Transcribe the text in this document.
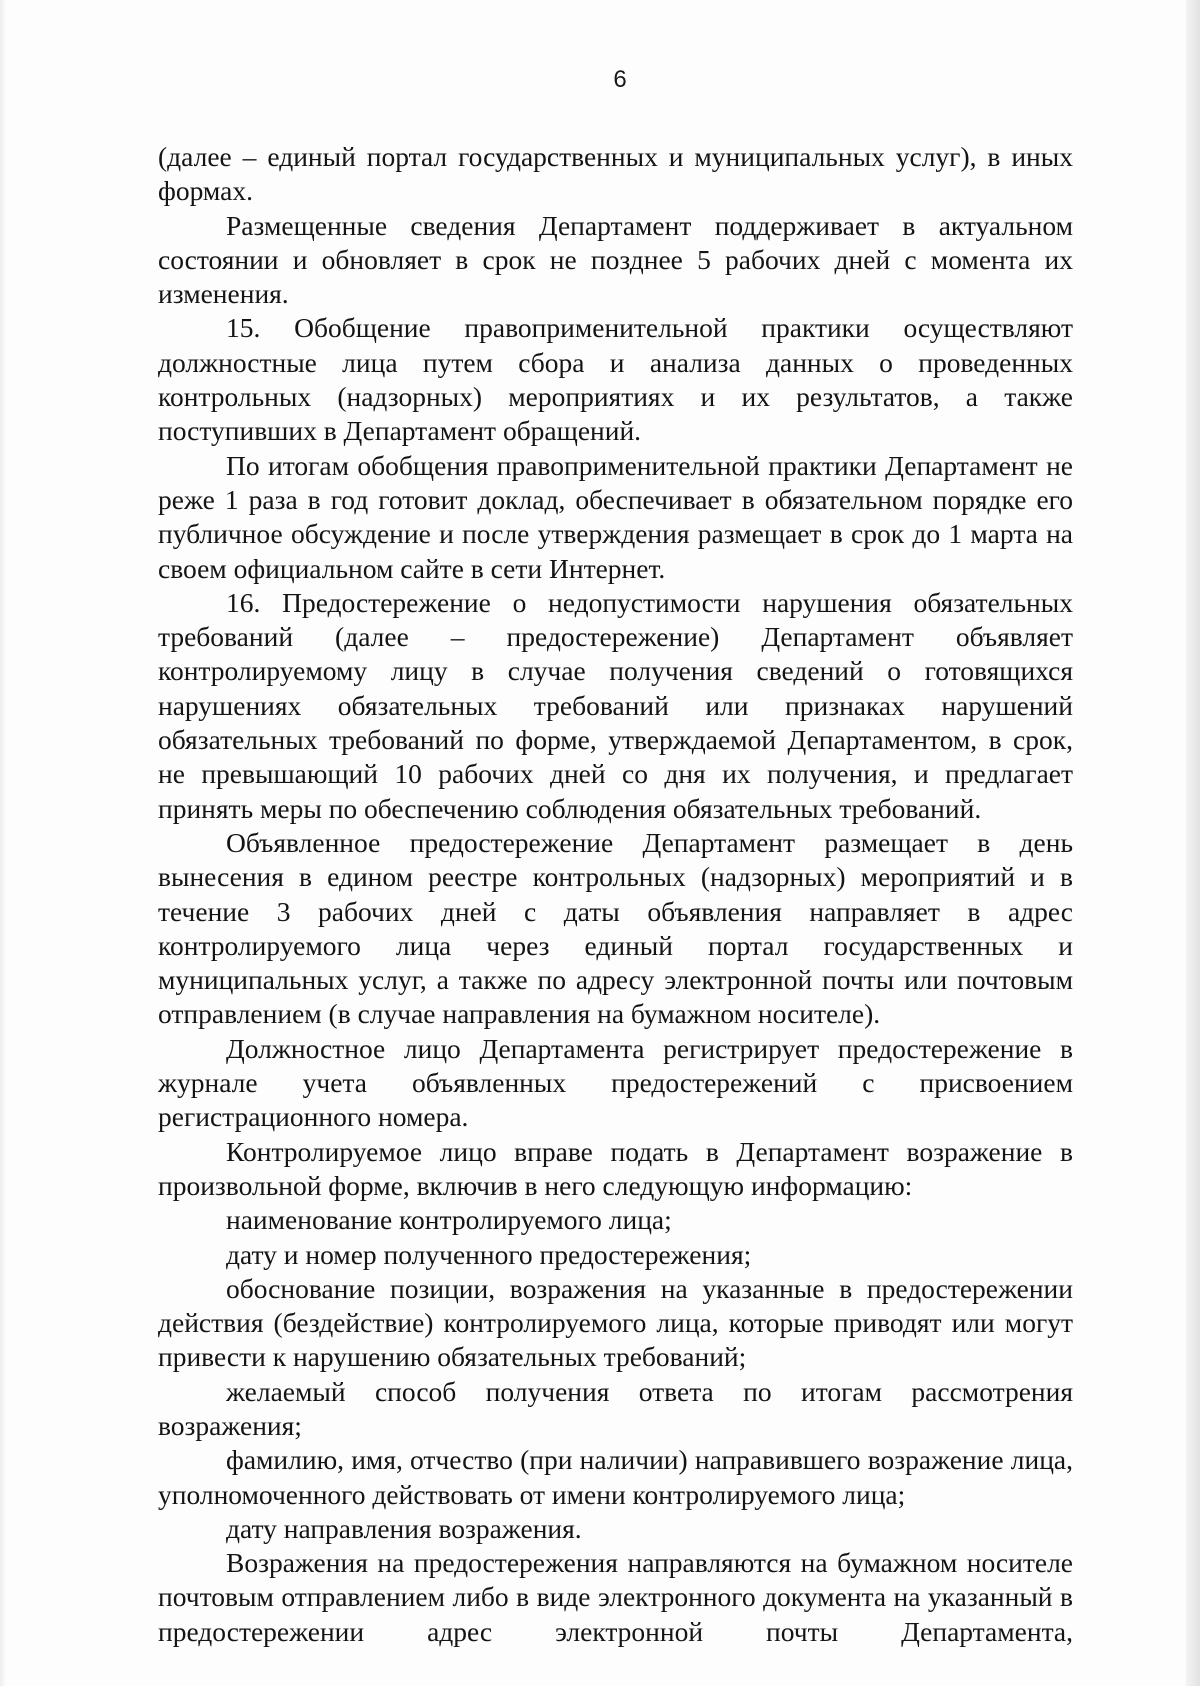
6

(далее – единый портал государственных и муниципальных услуг), в иных формах.

Размещенные сведения Департамент поддерживает в актуальном состоянии и обновляет в срок не позднее 5 рабочих дней с момента их изменения.

15. Обобщение правоприменительной практики осуществляют должностные лица путем сбора и анализа данных о проведенных контрольных (надзорных) мероприятиях и их результатов, а также поступивших в Департамент обращений.

По итогам обобщения правоприменительной практики Департамент не реже 1 раза в год готовит доклад, обеспечивает в обязательном порядке его публичное обсуждение и после утверждения размещает в срок до 1 марта на своем официальном сайте в сети Интернет.

16. Предостережение о недопустимости нарушения обязательных требований (далее – предостережение) Департамент объявляет контролируемому лицу в случае получения сведений о готовящихся нарушениях обязательных требований или признаках нарушений обязательных требований по форме, утверждаемой Департаментом, в срок, не превышающий 10 рабочих дней со дня их получения, и предлагает принять меры по обеспечению соблюдения обязательных требований.

Объявленное предостережение Департамент размещает в день вынесения в едином реестре контрольных (надзорных) мероприятий и в течение 3 рабочих дней с даты объявления направляет в адрес контролируемого лица через единый портал государственных и муниципальных услуг, а также по адресу электронной почты или почтовым отправлением (в случае направления на бумажном носителе).

Должностное лицо Департамента регистрирует предостережение в журнале учета объявленных предостережений с присвоением регистрационного номера.

Контролируемое лицо вправе подать в Департамент возражение в произвольной форме, включив в него следующую информацию:

наименование контролируемого лица;

дату и номер полученного предостережения;

обоснование позиции, возражения на указанные в предостережении действия (бездействие) контролируемого лица, которые приводят или могут привести к нарушению обязательных требований;

желаемый способ получения ответа по итогам рассмотрения возражения;

фамилию, имя, отчество (при наличии) направившего возражение лица, уполномоченного действовать от имени контролируемого лица;

дату направления возражения.

Возражения на предостережения направляются на бумажном носителе почтовым отправлением либо в виде электронного документа на указанный в предостережении адрес электронной почты Департамента,
